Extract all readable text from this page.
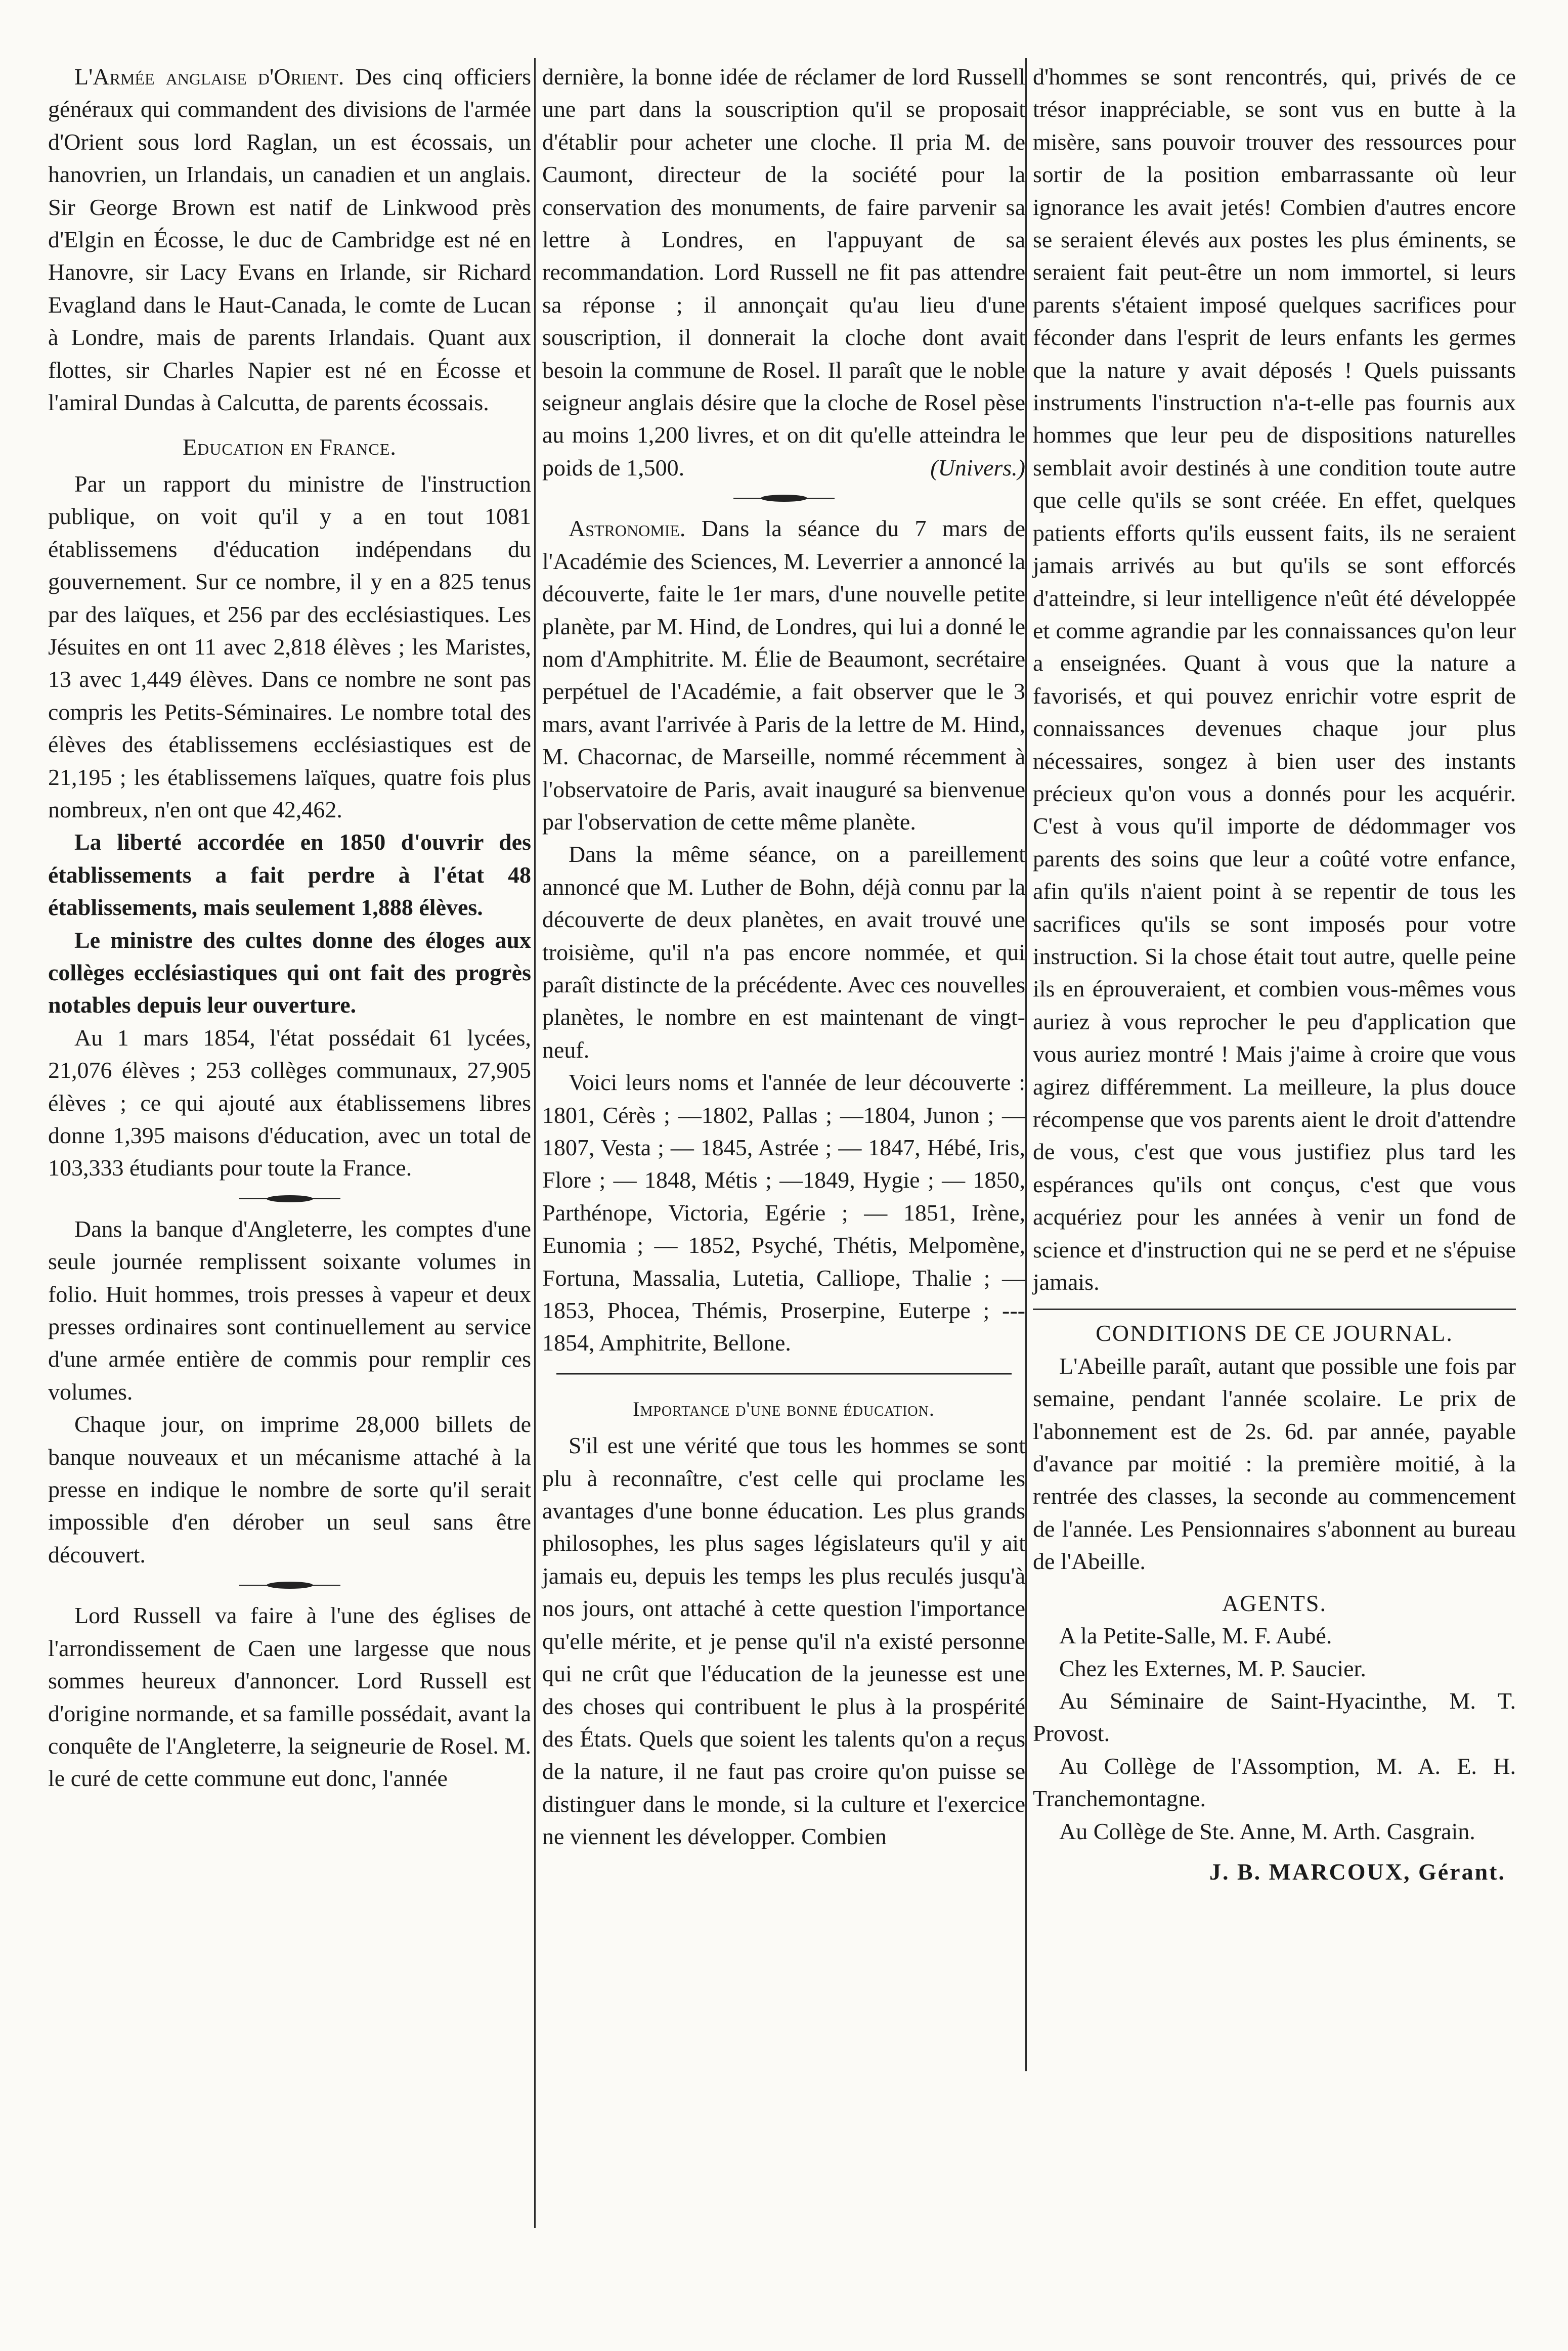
L'Armée anglaise d'Orient. Des cinq officiers généraux qui commandent des divisions de l'armée d'Orient sous lord Raglan, un est écossais, un hanovrien, un Irlandais, un canadien et un anglais. Sir George Brown est natif de Linkwood près d'Elgin en Écosse, le duc de Cambridge est né en Hanovre, sir Lacy Evans en Irlande, sir Richard Evagland dans le Haut-Canada, le comte de Lucan à Londre, mais de parents Irlandais. Quant aux flottes, sir Charles Napier est né en Écosse et l'amiral Dundas à Calcutta, de parents écossais.

Education en France.

Par un rapport du ministre de l'instruction publique, on voit qu'il y a en tout 1081 établissemens d'éducation indépendans du gouvernement. Sur ce nombre, il y en a 825 tenus par des laïques, et 256 par des ecclésiastiques. Les Jésuites en ont 11 avec 2,818 élèves ; les Maristes, 13 avec 1,449 élèves. Dans ce nombre ne sont pas compris les Petits-Séminaires. Le nombre total des élèves des établissemens ecclésiastiques est de 21,195 ; les établissemens laïques, quatre fois plus nombreux, n'en ont que 42,462.

La liberté accordée en 1850 d'ouvrir des établissements a fait perdre à l'état 48 établissements, mais seulement 1,888 élèves.

Le ministre des cultes donne des éloges aux collèges ecclésiastiques qui ont fait des progrès notables depuis leur ouverture.

Au 1 mars 1854, l'état possédait 61 lycées, 21,076 élèves ; 253 collèges communaux, 27,905 élèves ; ce qui ajouté aux établissemens libres donne 1,395 maisons d'éducation, avec un total de 103,333 étudiants pour toute la France.

Dans la banque d'Angleterre, les comptes d'une seule journée remplissent soixante volumes in folio. Huit hommes, trois presses à vapeur et deux presses ordinaires sont continuellement au service d'une armée entière de commis pour remplir ces volumes.

Chaque jour, on imprime 28,000 billets de banque nouveaux et un mécanisme attaché à la presse en indique le nombre de sorte qu'il serait impossible d'en dérober un seul sans être découvert.

Lord Russell va faire à l'une des églises de l'arrondissement de Caen une largesse que nous sommes heureux d'annoncer. Lord Russell est d'origine normande, et sa famille possédait, avant la conquête de l'Angleterre, la seigneurie de Rosel. M. le curé de cette commune eut donc, l'année

dernière, la bonne idée de réclamer de lord Russell une part dans la souscription qu'il se proposait d'établir pour acheter une cloche. Il pria M. de Caumont, directeur de la société pour la conservation des monuments, de faire parvenir sa lettre à Londres, en l'appuyant de sa recommandation. Lord Russell ne fit pas attendre sa réponse ; il annonçait qu'au lieu d'une souscription, il donnerait la cloche dont avait besoin la commune de Rosel. Il paraît que le noble seigneur anglais désire que la cloche de Rosel pèse au moins 1,200 livres, et on dit qu'elle atteindra le poids de 1,500.	(Univers.)

Astronomie. Dans la séance du 7 mars de l'Académie des Sciences, M. Leverrier a annoncé la découverte, faite le 1er mars, d'une nouvelle petite planète, par M. Hind, de Londres, qui lui a donné le nom d'Amphitrite. M. Élie de Beaumont, secrétaire perpétuel de l'Académie, a fait observer que le 3 mars, avant l'arrivée à Paris de la lettre de M. Hind, M. Chacornac, de Marseille, nommé récemment à l'observatoire de Paris, avait inauguré sa bienvenue par l'observation de cette même planète.

Dans la même séance, on a pareillement annoncé que M. Luther de Bohn, déjà connu par la découverte de deux planètes, en avait trouvé une troisième, qu'il n'a pas encore nommée, et qui paraît distincte de la précédente. Avec ces nouvelles planètes, le nombre en est maintenant de vingt-neuf.

Voici leurs noms et l'année de leur découverte : 1801, Cérès ; —1802, Pallas ; —1804, Junon ; — 1807, Vesta ; — 1845, Astrée ; — 1847, Hébé, Iris, Flore ; — 1848, Métis ; —1849, Hygie ; — 1850, Parthénope, Victoria, Egérie ; — 1851, Irène, Eunomia ; — 1852, Psyché, Thétis, Melpomène, Fortuna, Massalia, Lutetia, Calliope, Thalie ; —1853, Phocea, Thémis, Proserpine, Euterpe ; --- 1854, Amphitrite, Bellone.

Importance d'une bonne éducation.

S'il est une vérité que tous les hommes se sont plu à reconnaître, c'est celle qui proclame les avantages d'une bonne éducation. Les plus grands philosophes, les plus sages législateurs qu'il y ait jamais eu, depuis les temps les plus reculés jusqu'à nos jours, ont attaché à cette question l'importance qu'elle mérite, et je pense qu'il n'a existé personne qui ne crût que l'éducation de la jeunesse est une des choses qui contribuent le plus à la prospérité des États. Quels que soient les talents qu'on a reçus de la nature, il ne faut pas croire qu'on puisse se distinguer dans le monde, si la culture et l'exercice ne viennent les développer. Combien

d'hommes se sont rencontrés, qui, privés de ce trésor inappréciable, se sont vus en butte à la misère, sans pouvoir trouver des ressources pour sortir de la position embarrassante où leur ignorance les avait jetés! Combien d'autres encore se seraient élevés aux postes les plus éminents, se seraient fait peut-être un nom immortel, si leurs parents s'étaient imposé quelques sacrifices pour féconder dans l'esprit de leurs enfants les germes que la nature y avait déposés ! Quels puissants instruments l'instruction n'a-t-elle pas fournis aux hommes que leur peu de dispositions naturelles semblait avoir destinés à une condition toute autre que celle qu'ils se sont créée. En effet, quelques patients efforts qu'ils eussent faits, ils ne seraient jamais arrivés au but qu'ils se sont efforcés d'atteindre, si leur intelligence n'eût été développée et comme agrandie par les connaissances qu'on leur a enseignées. Quant à vous que la nature a favorisés, et qui pouvez enrichir votre esprit de connaissances devenues chaque jour plus nécessaires, songez à bien user des instants précieux qu'on vous a donnés pour les acquérir. C'est à vous qu'il importe de dédommager vos parents des soins que leur a coûté votre enfance, afin qu'ils n'aient point à se repentir de tous les sacrifices qu'ils se sont imposés pour votre instruction. Si la chose était tout autre, quelle peine ils en éprouveraient, et combien vous-mêmes vous auriez à vous reprocher le peu d'application que vous auriez montré ! Mais j'aime à croire que vous agirez différemment. La meilleure, la plus douce récompense que vos parents aient le droit d'attendre de vous, c'est que vous justifiez plus tard les espérances qu'ils ont conçus, c'est que vous acquériez pour les années à venir un fond de science et d'instruction qui ne se perd et ne s'épuise jamais.

CONDITIONS DE CE JOURNAL.

L'Abeille paraît, autant que possible une fois par semaine, pendant l'année scolaire. Le prix de l'abonnement est de 2s. 6d. par année, payable d'avance par moitié : la première moitié, à la rentrée des classes, la seconde au commencement de l'année. Les Pensionnaires s'abonnent au bureau de l'Abeille.

AGENTS.

A la Petite-Salle, M. F. Aubé.

Chez les Externes, M. P. Saucier.

Au Séminaire de Saint-Hyacinthe, M. T. Provost.

Au Collège de l'Assomption, M. A. E. H. Tranchemontagne.

Au Collège de Ste. Anne, M. Arth. Casgrain.

J. B. MARCOUX, Gérant.
